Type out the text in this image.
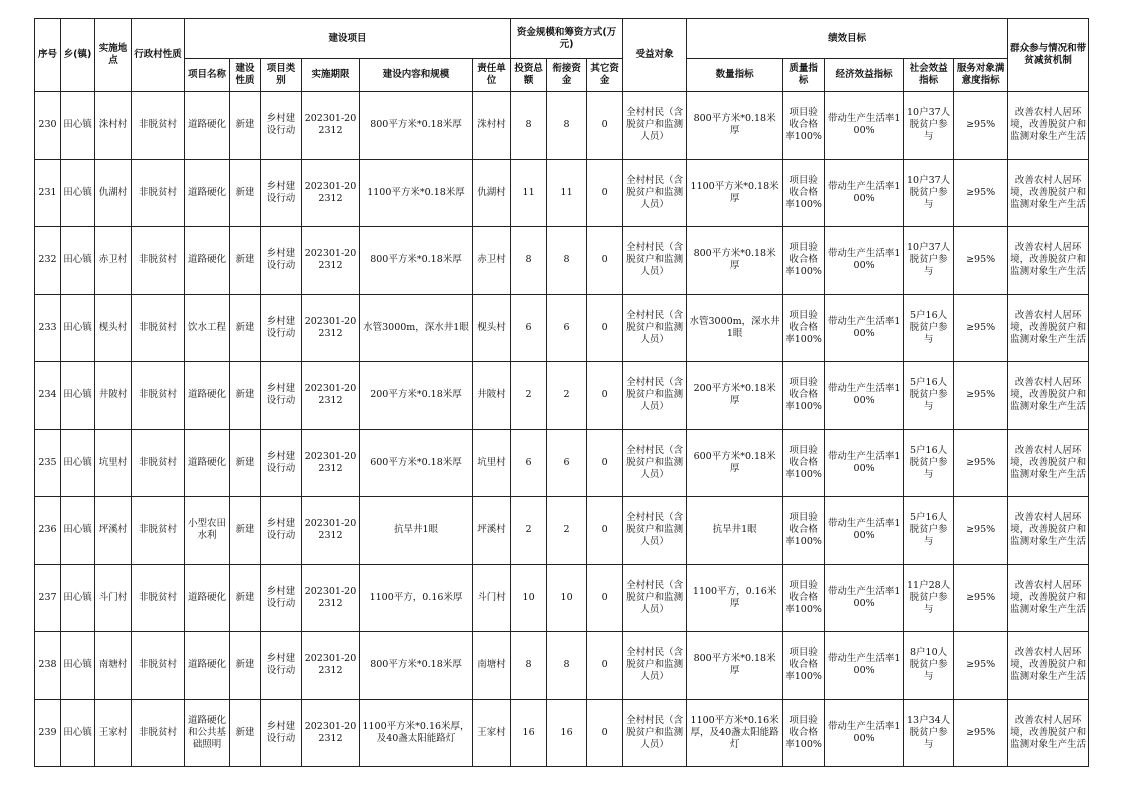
序号	乡(镇)	实施地点	行政村性质	建设项目						资金规模和筹资方式(万元)			受益对象	绩效目标					群众参与情况和带贫减贫机制
				项目名称	建设性质	项目类别	实施期限	建设内容和规模	责任单位	投资总额	衔接资金	其它资金		数量指标	质量指标	经济效益指标	社会效益指标	服务对象满意度指标	
230	田心镇	洙村村	非脱贫村	道路硬化	新建	乡村建设行动	202301-202312	800平方米*0.18米厚	洙村村	8	8	0	全村村民（含脱贫户和监测人员）	800平方米*0.18米厚	项目验收合格率100%	带动生产生活率100%	10户37人脱贫户参与	≥95%	改善农村人居环境，改善脱贫户和监测对象生产生活
231	田心镇	仇湖村	非脱贫村	道路硬化	新建	乡村建设行动	202301-202312	1100平方米*0.18米厚	仇湖村	11	11	0	全村村民（含脱贫户和监测人员）	1100平方米*0.18米厚	项目验收合格率100%	带动生产生活率100%	10户37人脱贫户参与	≥95%	改善农村人居环境，改善脱贫户和监测对象生产生活
232	田心镇	赤卫村	非脱贫村	道路硬化	新建	乡村建设行动	202301-202312	800平方米*0.18米厚	赤卫村	8	8	0	全村村民（含脱贫户和监测人员）	800平方米*0.18米厚	项目验收合格率100%	带动生产生活率100%	10户37人脱贫户参与	≥95%	改善农村人居环境，改善脱贫户和监测对象生产生活
233	田心镇	枧头村	非脱贫村	饮水工程	新建	乡村建设行动	202301-202312	水管3000m，深水井1眼	枧头村	6	6	0	全村村民（含脱贫户和监测人员）	水管3000m，深水井1眼	项目验收合格率100%	带动生产生活率100%	5户16人脱贫户参与	≥95%	改善农村人居环境，改善脱贫户和监测对象生产生活
234	田心镇	井陂村	非脱贫村	道路硬化	新建	乡村建设行动	202301-202312	200平方米*0.18米厚	井陂村	2	2	0	全村村民（含脱贫户和监测人员）	200平方米*0.18米厚	项目验收合格率100%	带动生产生活率100%	5户16人脱贫户参与	≥95%	改善农村人居环境，改善脱贫户和监测对象生产生活
235	田心镇	坑里村	非脱贫村	道路硬化	新建	乡村建设行动	202301-202312	600平方米*0.18米厚	坑里村	6	6	0	全村村民（含脱贫户和监测人员）	600平方米*0.18米厚	项目验收合格率100%	带动生产生活率100%	5户16人脱贫户参与	≥95%	改善农村人居环境，改善脱贫户和监测对象生产生活
236	田心镇	坪溪村	非脱贫村	小型农田水利	新建	乡村建设行动	202301-202312	抗旱井1眼	坪溪村	2	2	0	全村村民（含脱贫户和监测人员）	抗旱井1眼	项目验收合格率100%	带动生产生活率100%	5户16人脱贫户参与	≥95%	改善农村人居环境，改善脱贫户和监测对象生产生活
237	田心镇	斗门村	非脱贫村	道路硬化	新建	乡村建设行动	202301-202312	1100平方，0.16米厚	斗门村	10	10	0	全村村民（含脱贫户和监测人员）	1100平方，0.16米厚	项目验收合格率100%	带动生产生活率100%	11户28人脱贫户参与	≥95%	改善农村人居环境，改善脱贫户和监测对象生产生活
238	田心镇	南塘村	非脱贫村	道路硬化	新建	乡村建设行动	202301-202312	800平方米*0.18米厚	南塘村	8	8	0	全村村民（含脱贫户和监测人员）	800平方米*0.18米厚	项目验收合格率100%	带动生产生活率100%	8户10人脱贫户参与	≥95%	改善农村人居环境，改善脱贫户和监测对象生产生活
239	田心镇	王家村	非脱贫村	道路硬化和公共基础照明	新建	乡村建设行动	202301-202312	1100平方米*0.16米厚，及40盏太阳能路灯	王家村	16	16	0	全村村民（含脱贫户和监测人员）	1100平方米*0.16米厚，及40盏太阳能路灯	项目验收合格率100%	带动生产生活率100%	13户34人脱贫户参与	≥95%	改善农村人居环境，改善脱贫户和监测对象生产生活
